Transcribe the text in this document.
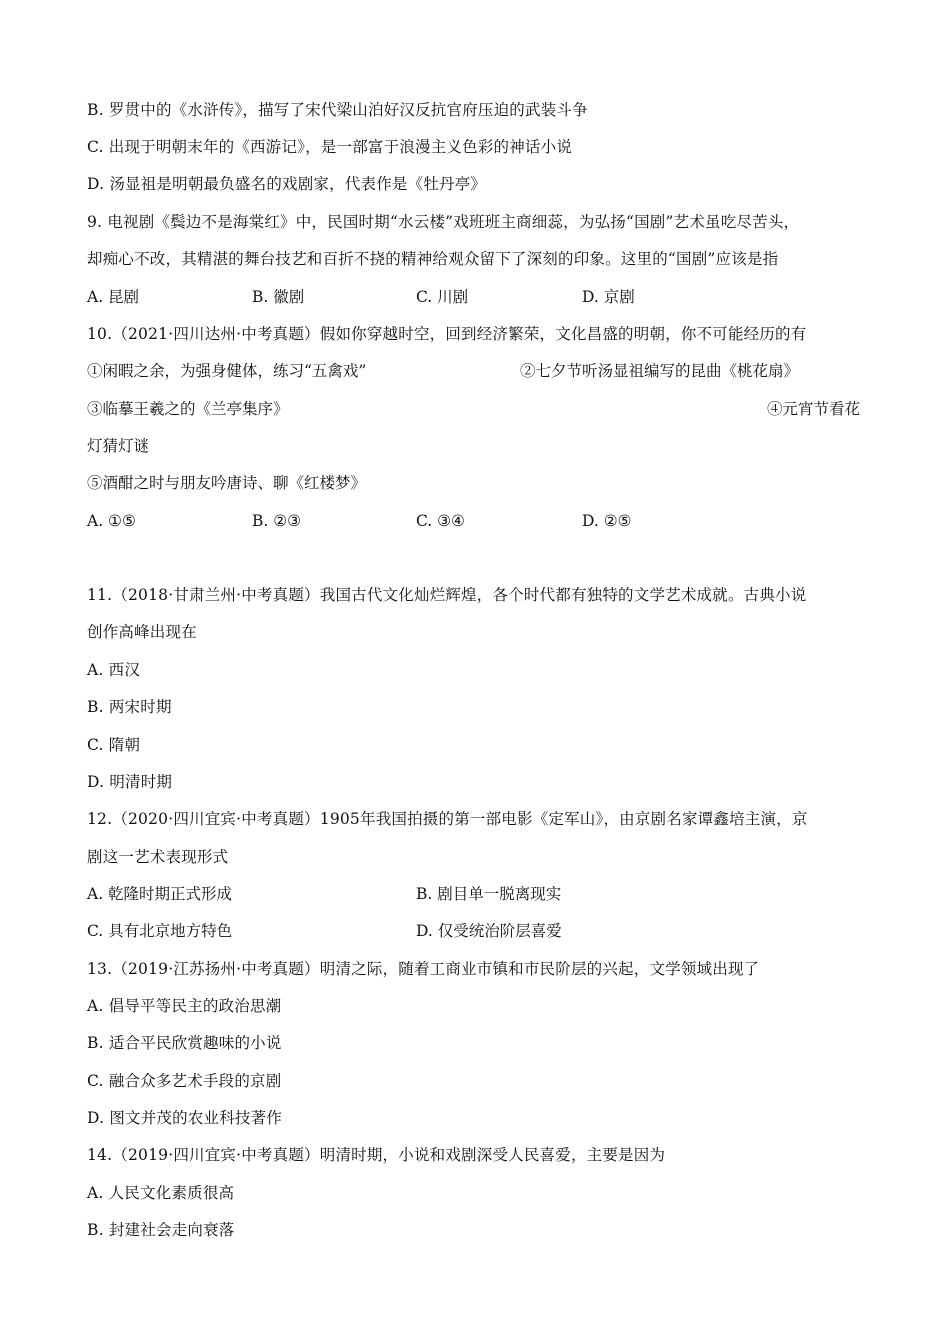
B. 罗贯中的《水浒传》，描写了宋代梁山泊好汉反抗官府压迫的武装斗争
C. 出现于明朝末年的《西游记》，是一部富于浪漫主义色彩的神话小说
D. 汤显祖是明朝最负盛名的戏剧家，代表作是《牡丹亭》
9. 电视剧《鬓边不是海棠红》中，民国时期“水云楼”戏班班主商细蕊，为弘扬“国剧”艺术虽吃尽苦头，
却痴心不改，其精湛的舞台技艺和百折不挠的精神给观众留下了深刻的印象。这里的“国剧”应该是指
A. 昆剧	B. 徽剧	C. 川剧	D. 京剧
10.（2021·四川达州·中考真题）假如你穿越时空，回到经济繁荣，文化昌盛的明朝，你不可能经历的有
①闲暇之余，为强身健体，练习“五禽戏”	②七夕节听汤显祖编写的昆曲《桃花扇》
③临摹王羲之的《兰亭集序》	④元宵节看花
灯猜灯谜
⑤酒酣之时与朋友吟唐诗、聊《红楼梦》
A. ①⑤	B. ②③	C. ③④	D. ②⑤
11.（2018·甘肃兰州·中考真题）我国古代文化灿烂辉煌，各个时代都有独特的文学艺术成就。古典小说
创作高峰出现在
A. 西汉
B. 两宋时期
C. 隋朝
D. 明清时期
12.（2020·四川宜宾·中考真题）1905年我国拍摄的第一部电影《定军山》，由京剧名家谭鑫培主演，京
剧这一艺术表现形式
A. 乾隆时期正式形成	B. 剧目单一脱离现实
C. 具有北京地方特色	D. 仅受统治阶层喜爱
13.（2019·江苏扬州·中考真题）明清之际，随着工商业市镇和市民阶层的兴起，文学领域出现了
A. 倡导平等民主的政治思潮
B. 适合平民欣赏趣味的小说
C. 融合众多艺术手段的京剧
D. 图文并茂的农业科技著作
14.（2019·四川宜宾·中考真题）明清时期，小说和戏剧深受人民喜爱，主要是因为
A. 人民文化素质很高
B. 封建社会走向衰落
